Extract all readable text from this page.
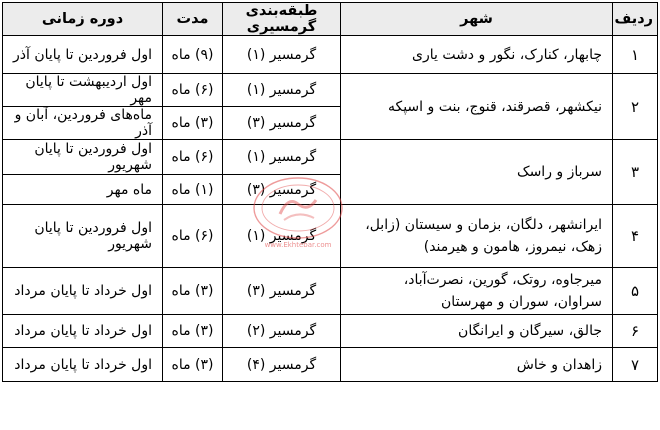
ردیف	شهر	طبقه‌بندی گرمسیری	مدت	دوره زمانی
۱	چابهار، کنارک، نگور و دشت یاری	گرمسیر (۱)	(۹) ماه	اول فروردین تا پایان آذر
۲	نیکشهر، قصرقند، قنوج، بنت و اسپکه	گرمسیر (۱)	(۶) ماه	اول اردیبهشت تا پایان مهر
		گرمسیر (۳)	(۳) ماه	ماه‌های فروردین، آبان و آذر
۳	سرباز و راسک	گرمسیر (۱)	(۶) ماه	اول فروردین تا پایان شهریور
		گرمسیر (۳)	(۱) ماه	ماه مهر
۴	ایرانشهر، دلگان، بزمان و سیستان (زابل،
زهک، نیمروز، هامون و هیرمند)	گرمسیر (۱)	(۶) ماه	اول فروردین تا پایان شهریور
۵	میرجاوه، روتک، گورین، نصرت‌آباد،
سراوان، سوران و مهرستان	گرمسیر (۳)	(۳) ماه	اول خرداد تا پایان مرداد
۶	جالق، سیرگان و ایرانگان	گرمسیر (۲)	(۳) ماه	اول خرداد تا پایان مرداد
۷	زاهدان و خاش	گرمسیر (۴)	(۳) ماه	اول خرداد تا پایان مرداد
www.Ekhtebar.com
